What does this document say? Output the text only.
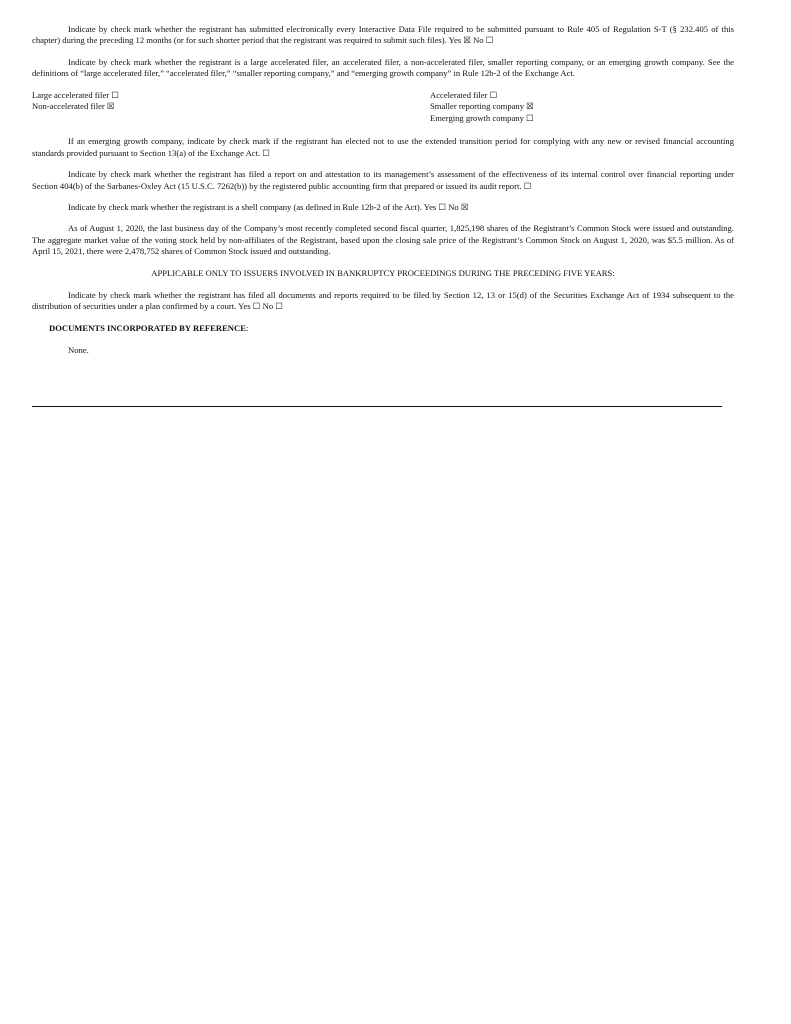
Indicate by check mark whether the registrant has submitted electronically every Interactive Data File required to be submitted pursuant to Rule 405 of Regulation S-T (§ 232.405 of this chapter) during the preceding 12 months (or for such shorter period that the registrant was required to submit such files). Yes ☒ No ☐

Indicate by check mark whether the registrant is a large accelerated filer, an accelerated filer, a non-accelerated filer, smaller reporting company, or an emerging growth company. See the definitions of “large accelerated filer,” “accelerated filer,” “smaller reporting company,” and “emerging growth company” in Rule 12b-2 of the Exchange Act.

Large accelerated filer ☐
Non-accelerated filer ☒
Accelerated filer ☐
Smaller reporting company ☒
Emerging growth company ☐

If an emerging growth company, indicate by check mark if the registrant has elected not to use the extended transition period for complying with any new or revised financial accounting standards provided pursuant to Section 13(a) of the Exchange Act. ☐

Indicate by check mark whether the registrant has filed a report on and attestation to its management’s assessment of the effectiveness of its internal control over financial reporting under Section 404(b) of the Sarbanes-Oxley Act (15 U.S.C. 7262(b)) by the registered public accounting firm that prepared or issued its audit report. ☐

Indicate by check mark whether the registrant is a shell company (as defined in Rule 12b-2 of the Act). Yes ☐ No ☒

As of August 1, 2020, the last business day of the Company’s most recently completed second fiscal quarter, 1,825,198 shares of the Registrant’s Common Stock were issued and outstanding. The aggregate market value of the voting stock held by non-affiliates of the Registrant, based upon the closing sale price of the Registrant’s Common Stock on August 1, 2020, was $5.5 million. As of April 15, 2021, there were 2,478,752 shares of Common Stock issued and outstanding.

APPLICABLE ONLY TO ISSUERS INVOLVED IN BANKRUPTCY PROCEEDINGS DURING THE PRECEDING FIVE YEARS:

Indicate by check mark whether the registrant has filed all documents and reports required to be filed by Section 12, 13 or 15(d) of the Securities Exchange Act of 1934 subsequent to the distribution of securities under a plan confirmed by a court. Yes ☐ No ☐

DOCUMENTS INCORPORATED BY REFERENCE:

None.
